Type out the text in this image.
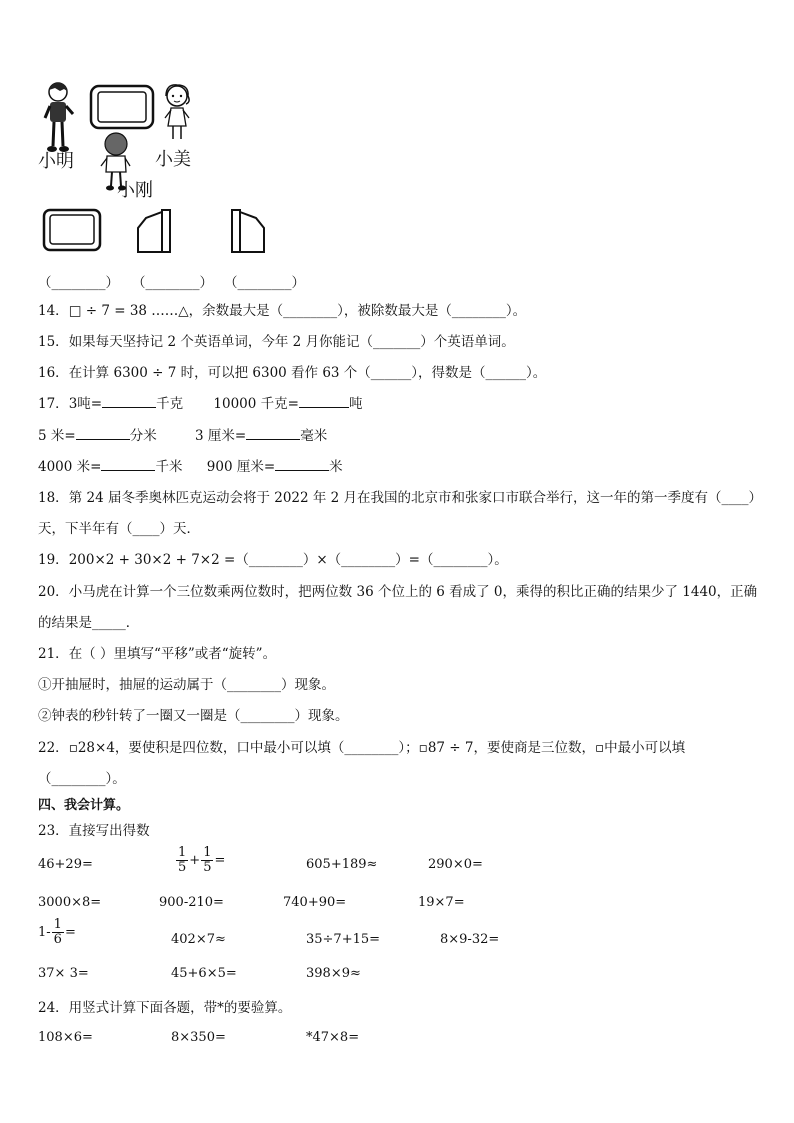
小明	小美
小刚
（________） （________） （________）
14．□ ÷ 7 = 38 ……△，余数最大是（________），被除数最大是（________）。
15．如果每天坚持记 2 个英语单词，今年 2 月你能记（_______）个英语单词。
16．在计算 6300 ÷ 7 时，可以把 6300 看作 63 个（______），得数是（______）。
17．3吨=	千克 10000 千克=	吨
5 米=	分米	3 厘米=	毫米
4000 米=	千米 900 厘米=	米
18．第 24 届冬季奥林匹克运动会将于 2022 年 2 月在我国的北京市和张家口市联合举行，这一年的第一季度有（____）
天，下半年有（____）天．
19．200×2 + 30×2 + 7×2 =（________）×（________）=（________）。
20．小马虎在计算一个三位数乘两位数时，把两位数 36 个位上的 6 看成了 0，乘得的积比正确的结果少了 1440，正确
的结果是_____．
21．在（ ）里填写“平移”或者“旋转”。
①开抽屉时，抽屉的运动属于（________）现象。
②钟表的秒针转了一圈又一圈是（________）现象。
22．▫28×4，要使积是四位数，口中最小可以填（________）；▫87 ÷ 7，要使商是三位数，▫中最小可以填
（________）。
四、我会计算。
23．直接写出得数
46+29=	$\frac{1}{5} + \frac{1}{5}$ =	605+189≈	290×0=
3000×8=	900-210=	740+90=	19×7=
$1- \frac{1}{6}$ =	402×7≈	35÷7+15=	8×9-32=
37× 3=	45+6×5=	398×9≈
24．用竖式计算下面各题，带*的要验算。
108×6=	8×350=	*47×8=
